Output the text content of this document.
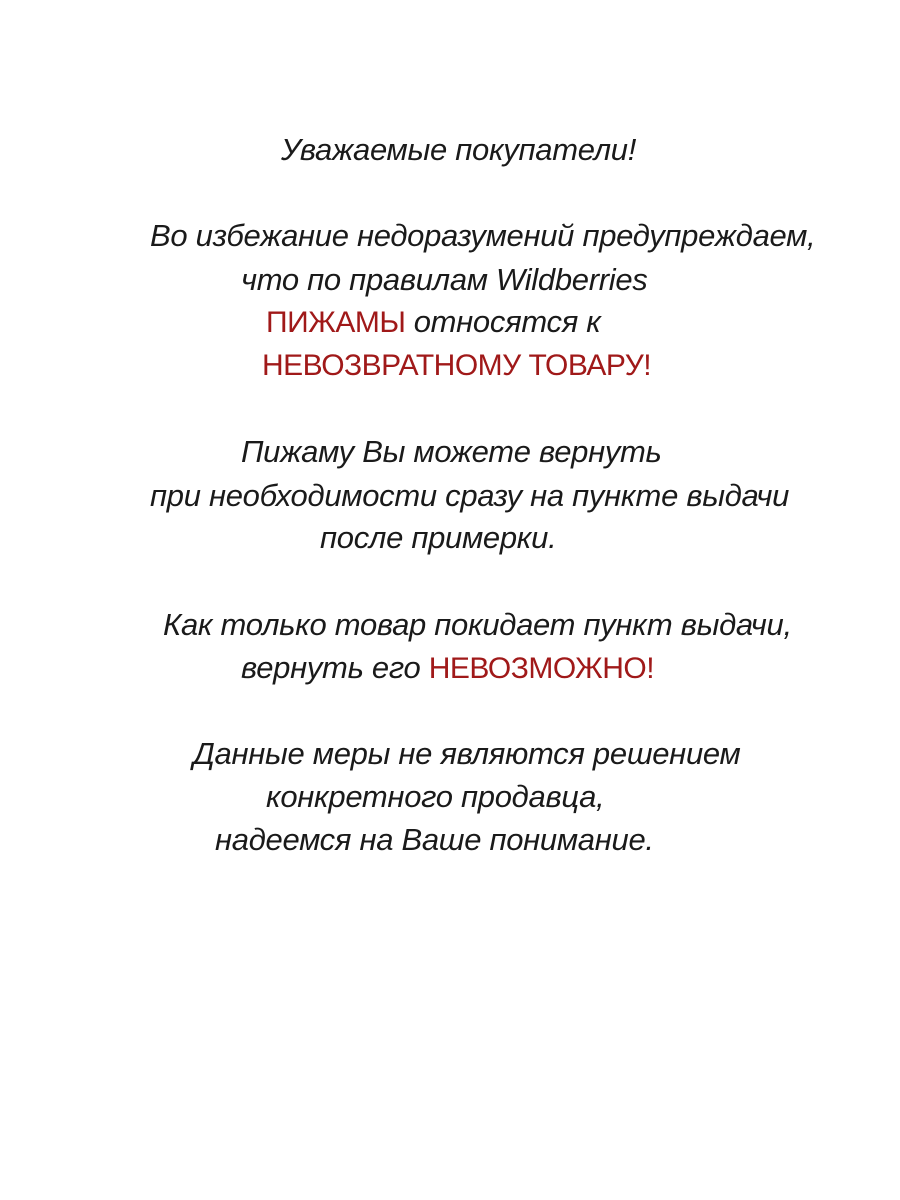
Уважаемые покупатели!
Во избежание недоразумений предупреждаем,
что по правилам Wildberries
ПИЖАМЫ относятся к
НЕВОЗВРАТНОМУ ТОВАРУ!
Пижаму Вы можете вернуть
при необходимости сразу на пункте выдачи
после примерки.
Как только товар покидает пункт выдачи,
вернуть его НЕВОЗМОЖНО!
Данные меры не являются решением
конкретного продавца,
надеемся на Ваше понимание.
